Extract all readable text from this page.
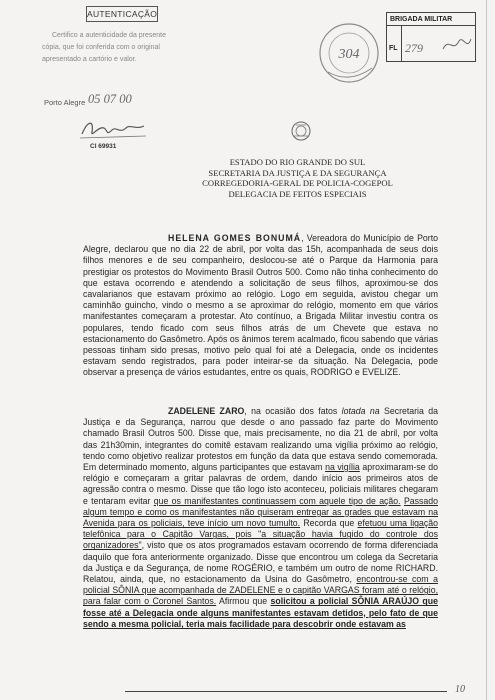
AUTENTICAÇÃO
Certifico a autenticidade da presente
cópia, que foi conferida com o original
apresentado a cartório e valor.
Porto Alegre 05 07 00
Cl 69931
304
BRIGADA MILITAR
FL 279
ESTADO DO RIO GRANDE DO SUL
SECRETARIA DA JUSTIÇA E DA SEGURANÇA
CORREGEDORIA-GERAL DE POLICIA-COGEPOL
DELEGACIA DE FEITOS ESPECIAIS
HELENA GOMES BONUMÁ, Vereadora do Município de Porto Alegre, declarou que no dia 22 de abril, por volta das 15h, acompanhada de seus dois filhos menores e de seu companheiro, deslocou-se até o Parque da Harmonia para prestigiar os protestos do Movimento Brasil Outros 500. Como não tinha conhecimento do que estava ocorrendo e atendendo a solicitação de seus filhos, aproximou-se dos cavalarianos que estavam próximo ao relógio. Logo em seguida, avistou chegar um caminhão guincho, vindo o mesmo a se aproximar do relógio, momento em que vários manifestantes começaram a protestar. Ato contínuo, a Brigada Militar investiu contra os populares, tendo ficado com seus filhos atrás de um Chevete que estava no estacionamento do Gasômetro. Após os ânimos terem acalmado, ficou sabendo que várias pessoas tinham sido presas, motivo pelo qual foi até a Delegacia, onde os incidentes estavam sendo registrados, para poder inteirar-se da situação. Na Delegacia, pode observar a presença de vários estudantes, entre os quais, RODRIGO e EVELIZE.
ZADELENE ZARO, na ocasião dos fatos lotada na Secretaria da Justiça e da Segurança, narrou que desde o ano passado faz parte do Movimento chamado Brasil Outros 500. Disse que, mais precisamente, no dia 21 de abril, por volta das 21h30min, integrantes do comitê estavam realizando uma vigília próximo ao relógio, tendo como objetivo realizar protestos em função da data que estava sendo comemorada. Em determinado momento, alguns participantes que estavam na vigília aproximaram-se do relógio e começaram a gritar palavras de ordem, dando início aos primeiros atos de agressão contra o mesmo. Disse que tão logo isto aconteceu, policiais militares chegaram e tentaram evitar que os manifestantes continuassem com aquele tipo de ação. Passado algum tempo e como os manifestantes não quiseram entregar as grades que estavam na Avenida para os policiais, teve início um novo tumulto. Recorda que efetuou uma ligação telefônica para o Capitão Vargas, pois "a situação havia fugido do controle dos organizadores", visto que os atos programados estavam ocorrendo de forma diferenciada daquilo que fora anteriormente organizado. Disse que encontrou um colega da Secretaria da Justiça e da Segurança, de nome ROGÉRIO, e também um outro de nome RICHARD. Relatou, ainda, que, no estacionamento da Usina do Gasômetro, encontrou-se com a policial SÔNIA que acompanhada de ZADELENE e o capitão VARGAS foram até o relógio, para falar com o Coronel Santos. Afirmou que solicitou a policial SÔNIA ARAÚJO que fosse até a Delegacia onde alguns manifestantes estavam detidos, pelo fato de que sendo a mesma policial, teria mais facilidade para descobrir onde estavam as
10
